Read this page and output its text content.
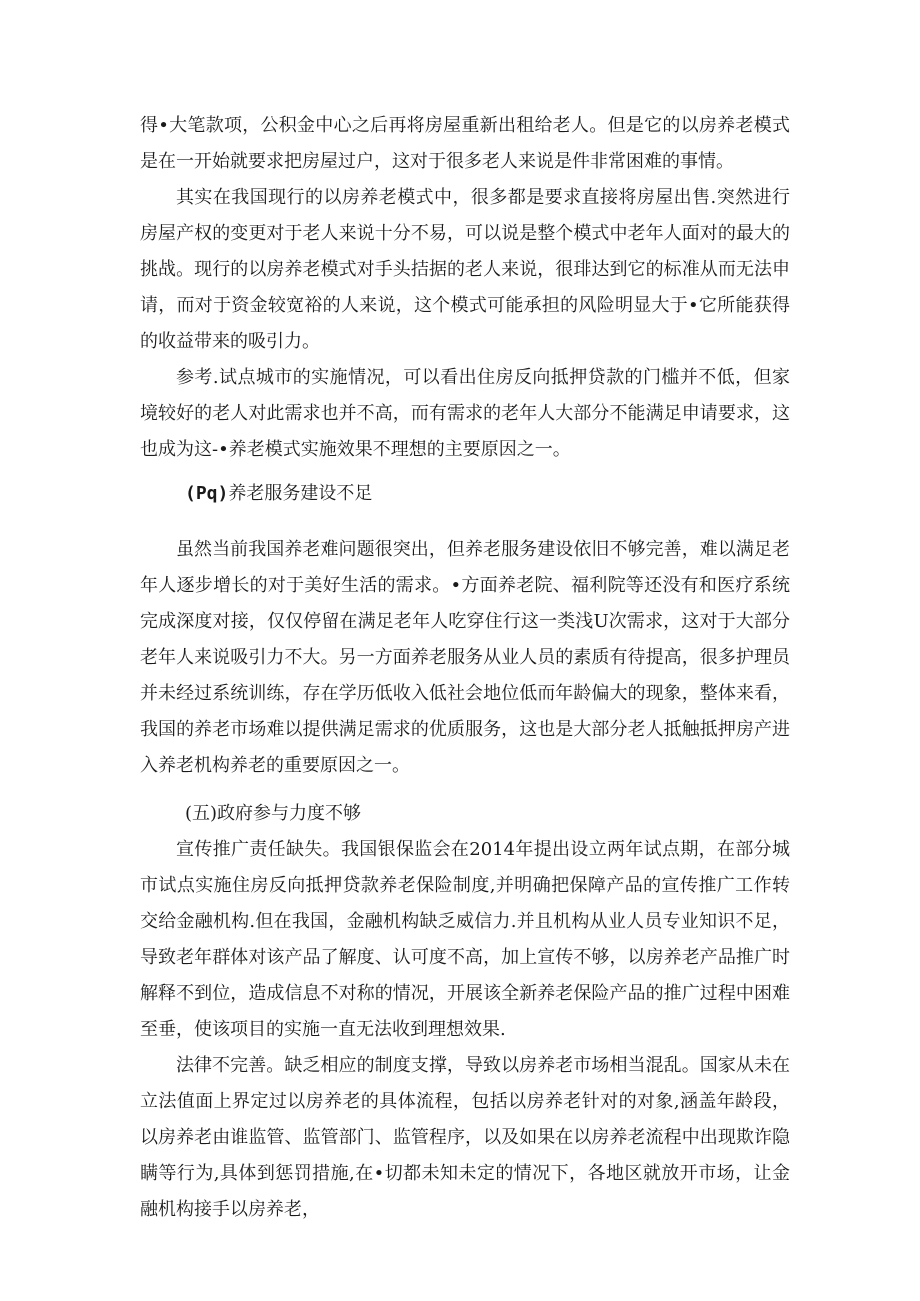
得•大笔款项，公积金中心之后再将房屋重新出租给老人。但是它的以房养老模式是在一开始就要求把房屋过户，这对于很多老人来说是件非常困难的事情。

其实在我国现行的以房养老模式中，很多都是要求直接将房屋出售.突然进行房屋产权的变更对于老人来说十分不易，可以说是整个模式中老年人面对的最大的挑战。现行的以房养老模式对手头拮据的老人来说，很琲达到它的标准从而无法申请，而对于资金较宽裕的人来说，这个模式可能承担的风险明显大于•它所能获得的收益带来的吸引力。

参考.试点城市的实施情况，可以看出住房反向抵押贷款的门槛并不低，但家境较好的老人对此需求也并不高，而有需求的老年人大部分不能满足申请要求，这也成为这-•养老模式实施效果不理想的主要原因之一。

(Pq)养老服务建设不足

虽然当前我国养老难问题很突出，但养老服务建设依旧不够完善，难以满足老年人逐步增长的对于美好生活的需求。•方面养老院、福利院等还没有和医疗系统完成深度对接，仅仅停留在满足老年人吃穿住行这一类浅U次需求，这对于大部分老年人来说吸引力不大。另一方面养老服务从业人员的素质有待提高，很多护理员并未经过系统训练，存在学历低收入低社会地位低而年龄偏大的现象，整体来看，我国的养老市场难以提供满足需求的优质服务，这也是大部分老人抵触抵押房产进入养老机构养老的重要原因之一。

(五)政府参与力度不够

宣传推广责任缺失。我国银保监会在2014年提出设立两年试点期，在部分城市试点实施住房反向抵押贷款养老保险制度,并明确把保障产品的宣传推广工作转交给金融机构.但在我国，金融机构缺乏威信力.并且机构从业人员专业知识不足，导致老年群体对该产品了解度、认可度不高，加上宣传不够，以房养老产品推广时解释不到位，造成信息不对称的情况，开展该全新养老保险产品的推广过程中困难至垂，使该项目的实施一直无法收到理想效果.

法律不完善。缺乏相应的制度支撑，导致以房养老市场相当混乱。国家从未在立法值面上界定过以房养老的具体流程，包括以房养老针对的对象,涵盖年龄段，以房养老由谁监管、监管部门、监管程序，以及如果在以房养老流程中出现欺诈隐瞒等行为,具体到惩罚措施,在•切都未知未定的情况下，各地区就放开市场，让金融机构接手以房养老，
